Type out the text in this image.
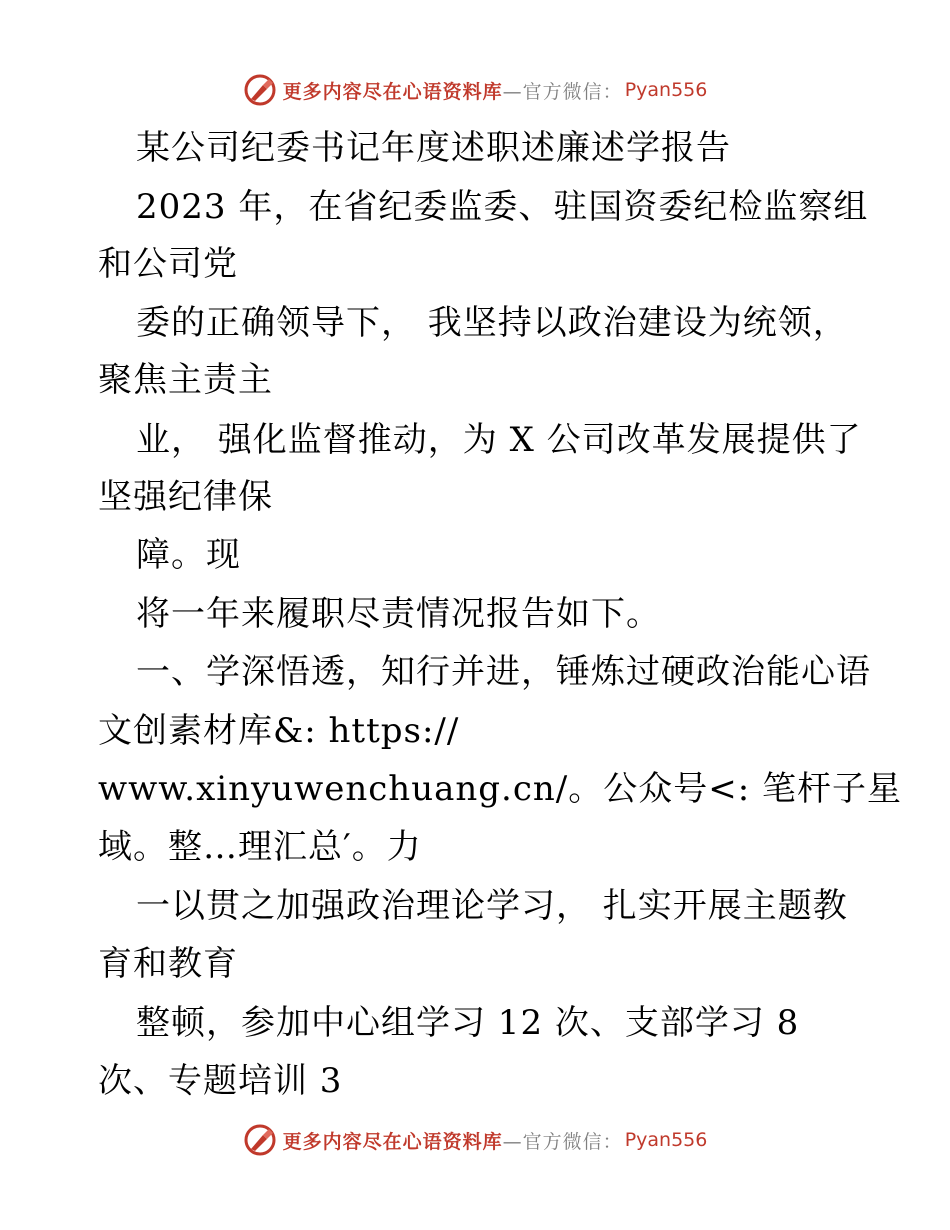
更多内容尽在心语资料库 —官方微信： Pyan556
某公司纪委书记年度述职述廉述学报告
2023 年，在省纪委监委、驻国资委纪检监察组
和公司党
委的正确领导下， 我坚持以政治建设为统领，
聚焦主责主
业， 强化监督推动，为 X 公司改革发展提供了
坚强纪律保
障。现
将一年来履职尽责情况报告如下。
一、学深悟透，知行并进，锤炼过硬政治能心语
文创素材库&: https://
www.xinyuwenchuang.cn/。公众号<: 笔杆子星
域。整…理汇总′。力
一以贯之加强政治理论学习， 扎实开展主题教
育和教育
整顿，参加中心组学习 12 次、支部学习 8
次、专题培训 3
更多内容尽在心语资料库 —官方微信： Pyan556
